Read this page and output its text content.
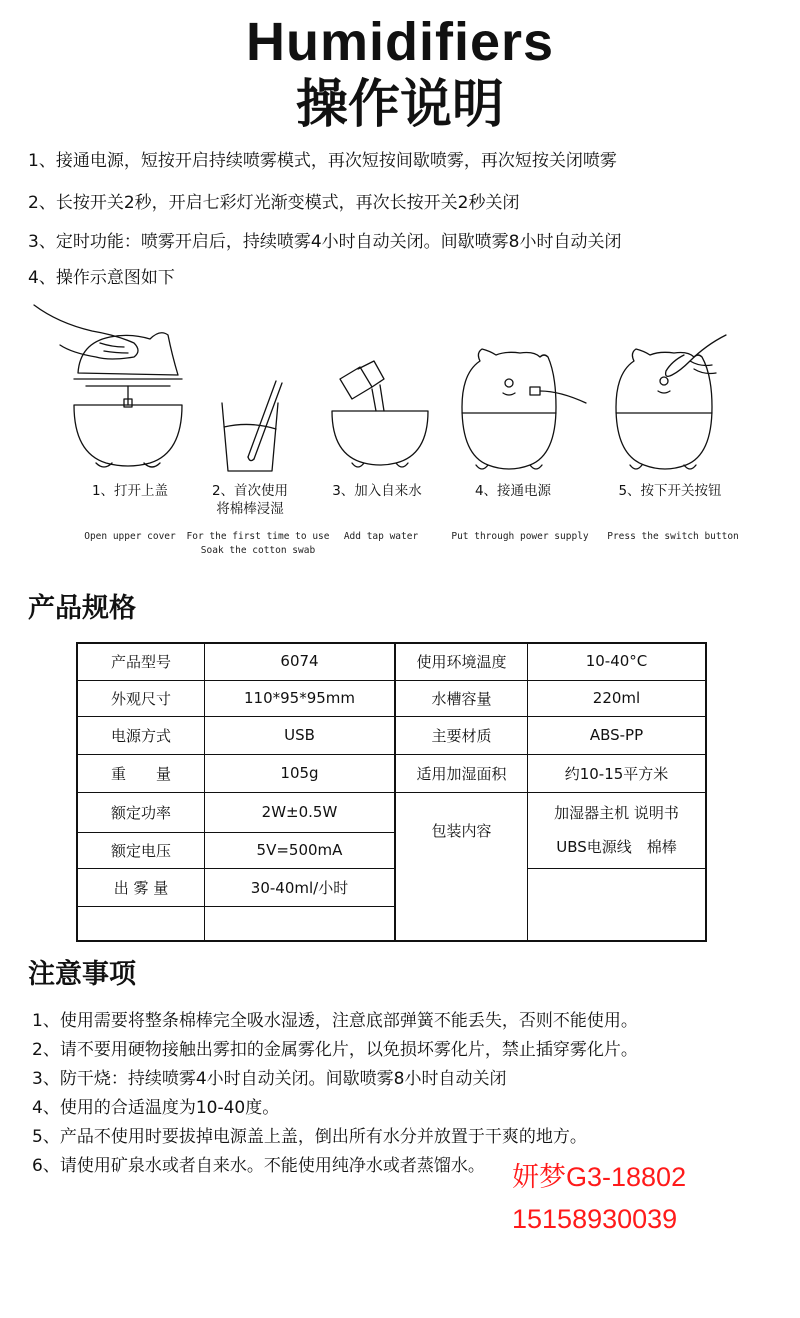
Humidifiers
操作说明
1、接通电源，短按开启持续喷雾模式，再次短按间歇喷雾，再次短按关闭喷雾
2、长按开关2秒，开启七彩灯光渐变模式，再次长按开关2秒关闭
3、定时功能：喷雾开启后，持续喷雾4小时自动关闭。间歇喷雾8小时自动关闭
4、操作示意图如下
1、打开上盖	2、首次使用
将棉棒浸湿
3、加入自来水	4、接通电源	5、按下开关按钮
Open upper cover	For the first time to use
Soak the cotton swab
Add tap water	Put through power supply	Press the switch button
产品规格
产品型号	6074
外观尺寸	110*95*95mm
电源方式	USB
重　　量	105g
额定功率	2W±0.5W
额定电压	5V=500mA
出 雾 量	30-40ml/小时
使用环境温度	10-40°C
水槽容量	220ml
主要材质	ABS-PP
适用加湿面积	约10-15平方米
包装内容
加湿器主机 说明书
UBS电源线　棉棒
注意事项
1、使用需要将整条棉棒完全吸水湿透，注意底部弹簧不能丢失，否则不能使用。
2、请不要用硬物接触出雾扣的金属雾化片，以免损坏雾化片，禁止插穿雾化片。
3、防干烧：持续喷雾4小时自动关闭。间歇喷雾8小时自动关闭
4、使用的合适温度为10-40度。
5、产品不使用时要拔掉电源盖上盖，倒出所有水分并放置于干爽的地方。
6、请使用矿泉水或者自来水。不能使用纯净水或者蒸馏水。 妍梦G3-18802
15158930039
